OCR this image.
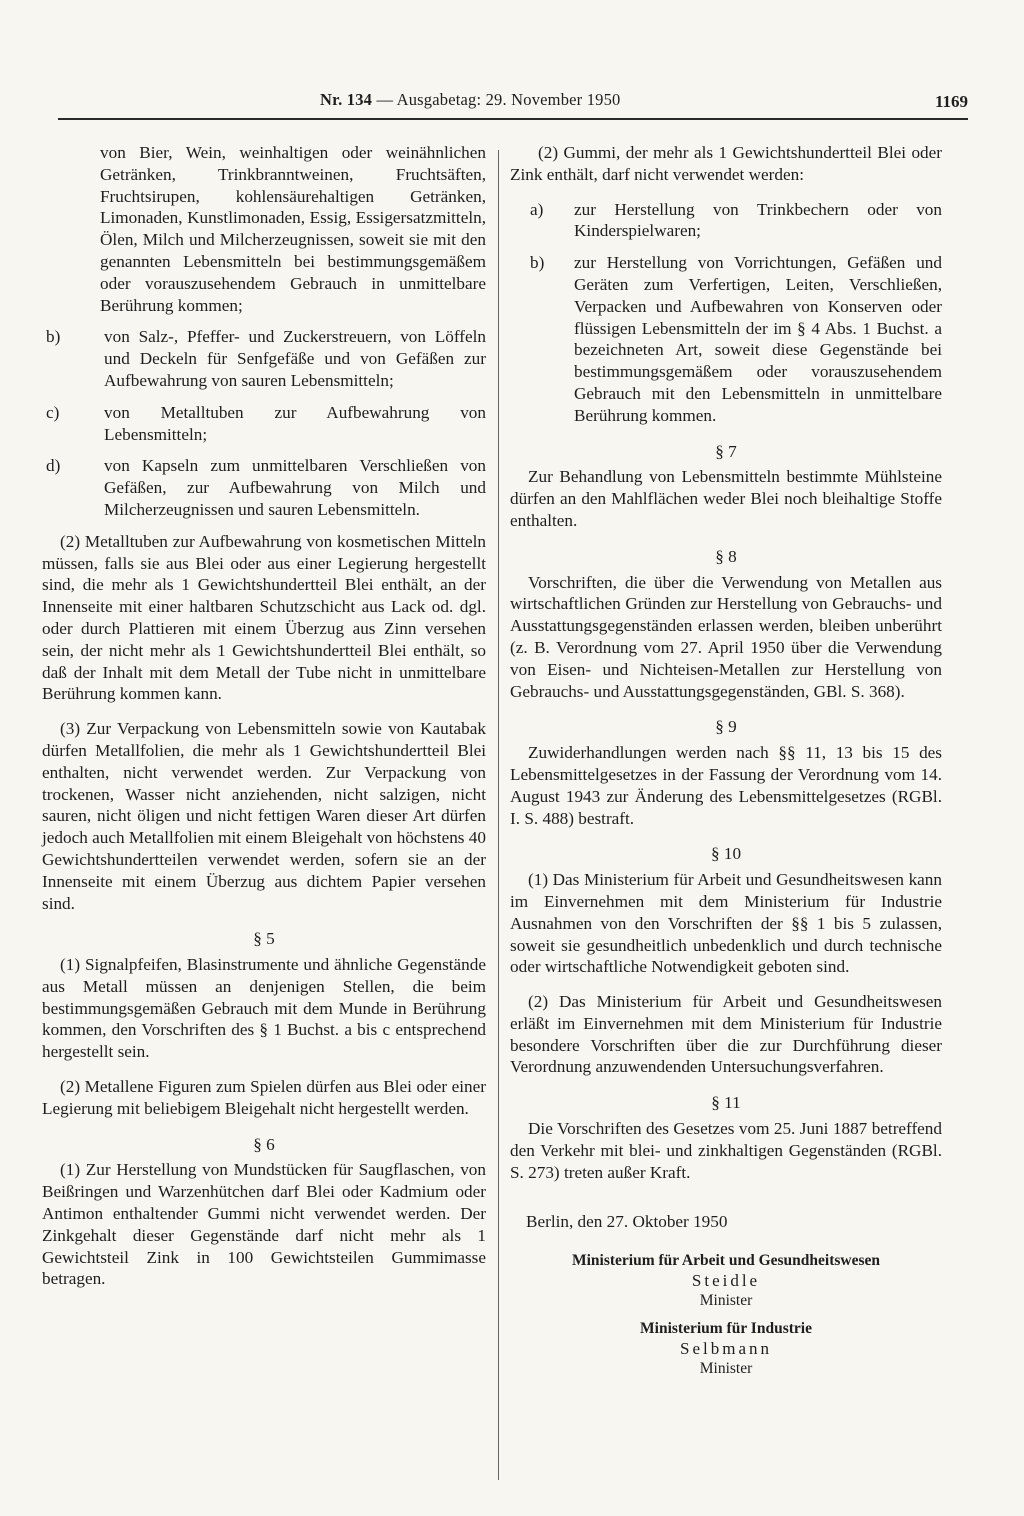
Nr. 134 — Ausgabetag: 29. November 1950	1169
von Bier, Wein, weinhaltigen oder weinähnlichen Getränken, Trinkbranntweinen, Fruchtsäften, Fruchtsirupen, kohlensäurehaltigen Getränken, Limonaden, Kunstlimonaden, Essig, Essigersatzmitteln, Ölen, Milch und Milcherzeugnissen, soweit sie mit den genannten Lebensmitteln bei bestimmungsgemäßem oder vorauszusehendem Gebrauch in unmittelbare Berührung kommen;
b)	von Salz-, Pfeffer- und Zuckerstreuern, von Löffeln und Deckeln für Senfgefäße und von Gefäßen zur Aufbewahrung von sauren Lebensmitteln;
c)	von Metalltuben zur Aufbewahrung von Lebensmitteln;
d)	von Kapseln zum unmittelbaren Verschließen von Gefäßen, zur Aufbewahrung von Milch und Milcherzeugnissen und sauren Lebensmitteln.

(2) Metalltuben zur Aufbewahrung von kosmetischen Mitteln müssen, falls sie aus Blei oder aus einer Legierung hergestellt sind, die mehr als 1 Gewichtshundertteil Blei enthält, an der Innenseite mit einer haltbaren Schutzschicht aus Lack od. dgl. oder durch Plattieren mit einem Überzug aus Zinn versehen sein, der nicht mehr als 1 Gewichtshundertteil Blei enthält, so daß der Inhalt mit dem Metall der Tube nicht in unmittelbare Berührung kommen kann.

(3) Zur Verpackung von Lebensmitteln sowie von Kautabak dürfen Metallfolien, die mehr als 1 Gewichtshundertteil Blei enthalten, nicht verwendet werden. Zur Verpackung von trockenen, Wasser nicht anziehenden, nicht salzigen, nicht sauren, nicht öligen und nicht fettigen Waren dieser Art dürfen jedoch auch Metallfolien mit einem Bleigehalt von höchstens 40 Gewichtshundertteilen verwendet werden, sofern sie an der Innenseite mit einem Überzug aus dichtem Papier versehen sind.

§ 5

(1) Signalpfeifen, Blasinstrumente und ähnliche Gegenstände aus Metall müssen an denjenigen Stellen, die beim bestimmungsgemäßen Gebrauch mit dem Munde in Berührung kommen, den Vorschriften des § 1 Buchst. a bis c entsprechend hergestellt sein.

(2) Metallene Figuren zum Spielen dürfen aus Blei oder einer Legierung mit beliebigem Bleigehalt nicht hergestellt werden.

§ 6

(1) Zur Herstellung von Mundstücken für Saugflaschen, von Beißringen und Warzenhütchen darf Blei oder Kadmium oder Antimon enthaltender Gummi nicht verwendet werden. Der Zinkgehalt dieser Gegenstände darf nicht mehr als 1 Gewichtsteil Zink in 100 Gewichtsteilen Gummimasse betragen.

(2) Gummi, der mehr als 1 Gewichtshundertteil Blei oder Zink enthält, darf nicht verwendet werden:

a)	zur Herstellung von Trinkbechern oder von Kinderspielwaren;
b)	zur Herstellung von Vorrichtungen, Gefäßen und Geräten zum Verfertigen, Leiten, Verschließen, Verpacken und Aufbewahren von Konserven oder flüssigen Lebensmitteln der im § 4 Abs. 1 Buchst. a bezeichneten Art, soweit diese Gegenstände bei bestimmungsgemäßem oder vorauszusehendem Gebrauch mit den Lebensmitteln in unmittelbare Berührung kommen.
§ 7

Zur Behandlung von Lebensmitteln bestimmte Mühlsteine dürfen an den Mahlflächen weder Blei noch bleihaltige Stoffe enthalten.

§ 8

Vorschriften, die über die Verwendung von Metallen aus wirtschaftlichen Gründen zur Herstellung von Gebrauchs- und Ausstattungsgegenständen erlassen werden, bleiben unberührt (z. B. Verordnung vom 27. April 1950 über die Verwendung von Eisen- und Nichteisen-Metallen zur Herstellung von Gebrauchs- und Ausstattungsgegenständen, GBl. S. 368).

§ 9

Zuwiderhandlungen werden nach §§ 11, 13 bis 15 des Lebensmittelgesetzes in der Fassung der Verordnung vom 14. August 1943 zur Änderung des Lebensmittelgesetzes (RGBl. I. S. 488) bestraft.

§ 10

(1) Das Ministerium für Arbeit und Gesundheitswesen kann im Einvernehmen mit dem Ministerium für Industrie Ausnahmen von den Vorschriften der §§ 1 bis 5 zulassen, soweit sie gesundheitlich unbedenklich und durch technische oder wirtschaftliche Notwendigkeit geboten sind.

(2) Das Ministerium für Arbeit und Gesundheitswesen erläßt im Einvernehmen mit dem Ministerium für Industrie besondere Vorschriften über die zur Durchführung dieser Verordnung anzuwendenden Untersuchungsverfahren.

§ 11

Die Vorschriften des Gesetzes vom 25. Juni 1887 betreffend den Verkehr mit blei- und zinkhaltigen Gegenständen (RGBl. S. 273) treten außer Kraft.

Berlin, den 27. Oktober 1950
Ministerium für Arbeit und Gesundheitswesen
Steidle
Minister
Ministerium für Industrie
Selbmann
Minister
